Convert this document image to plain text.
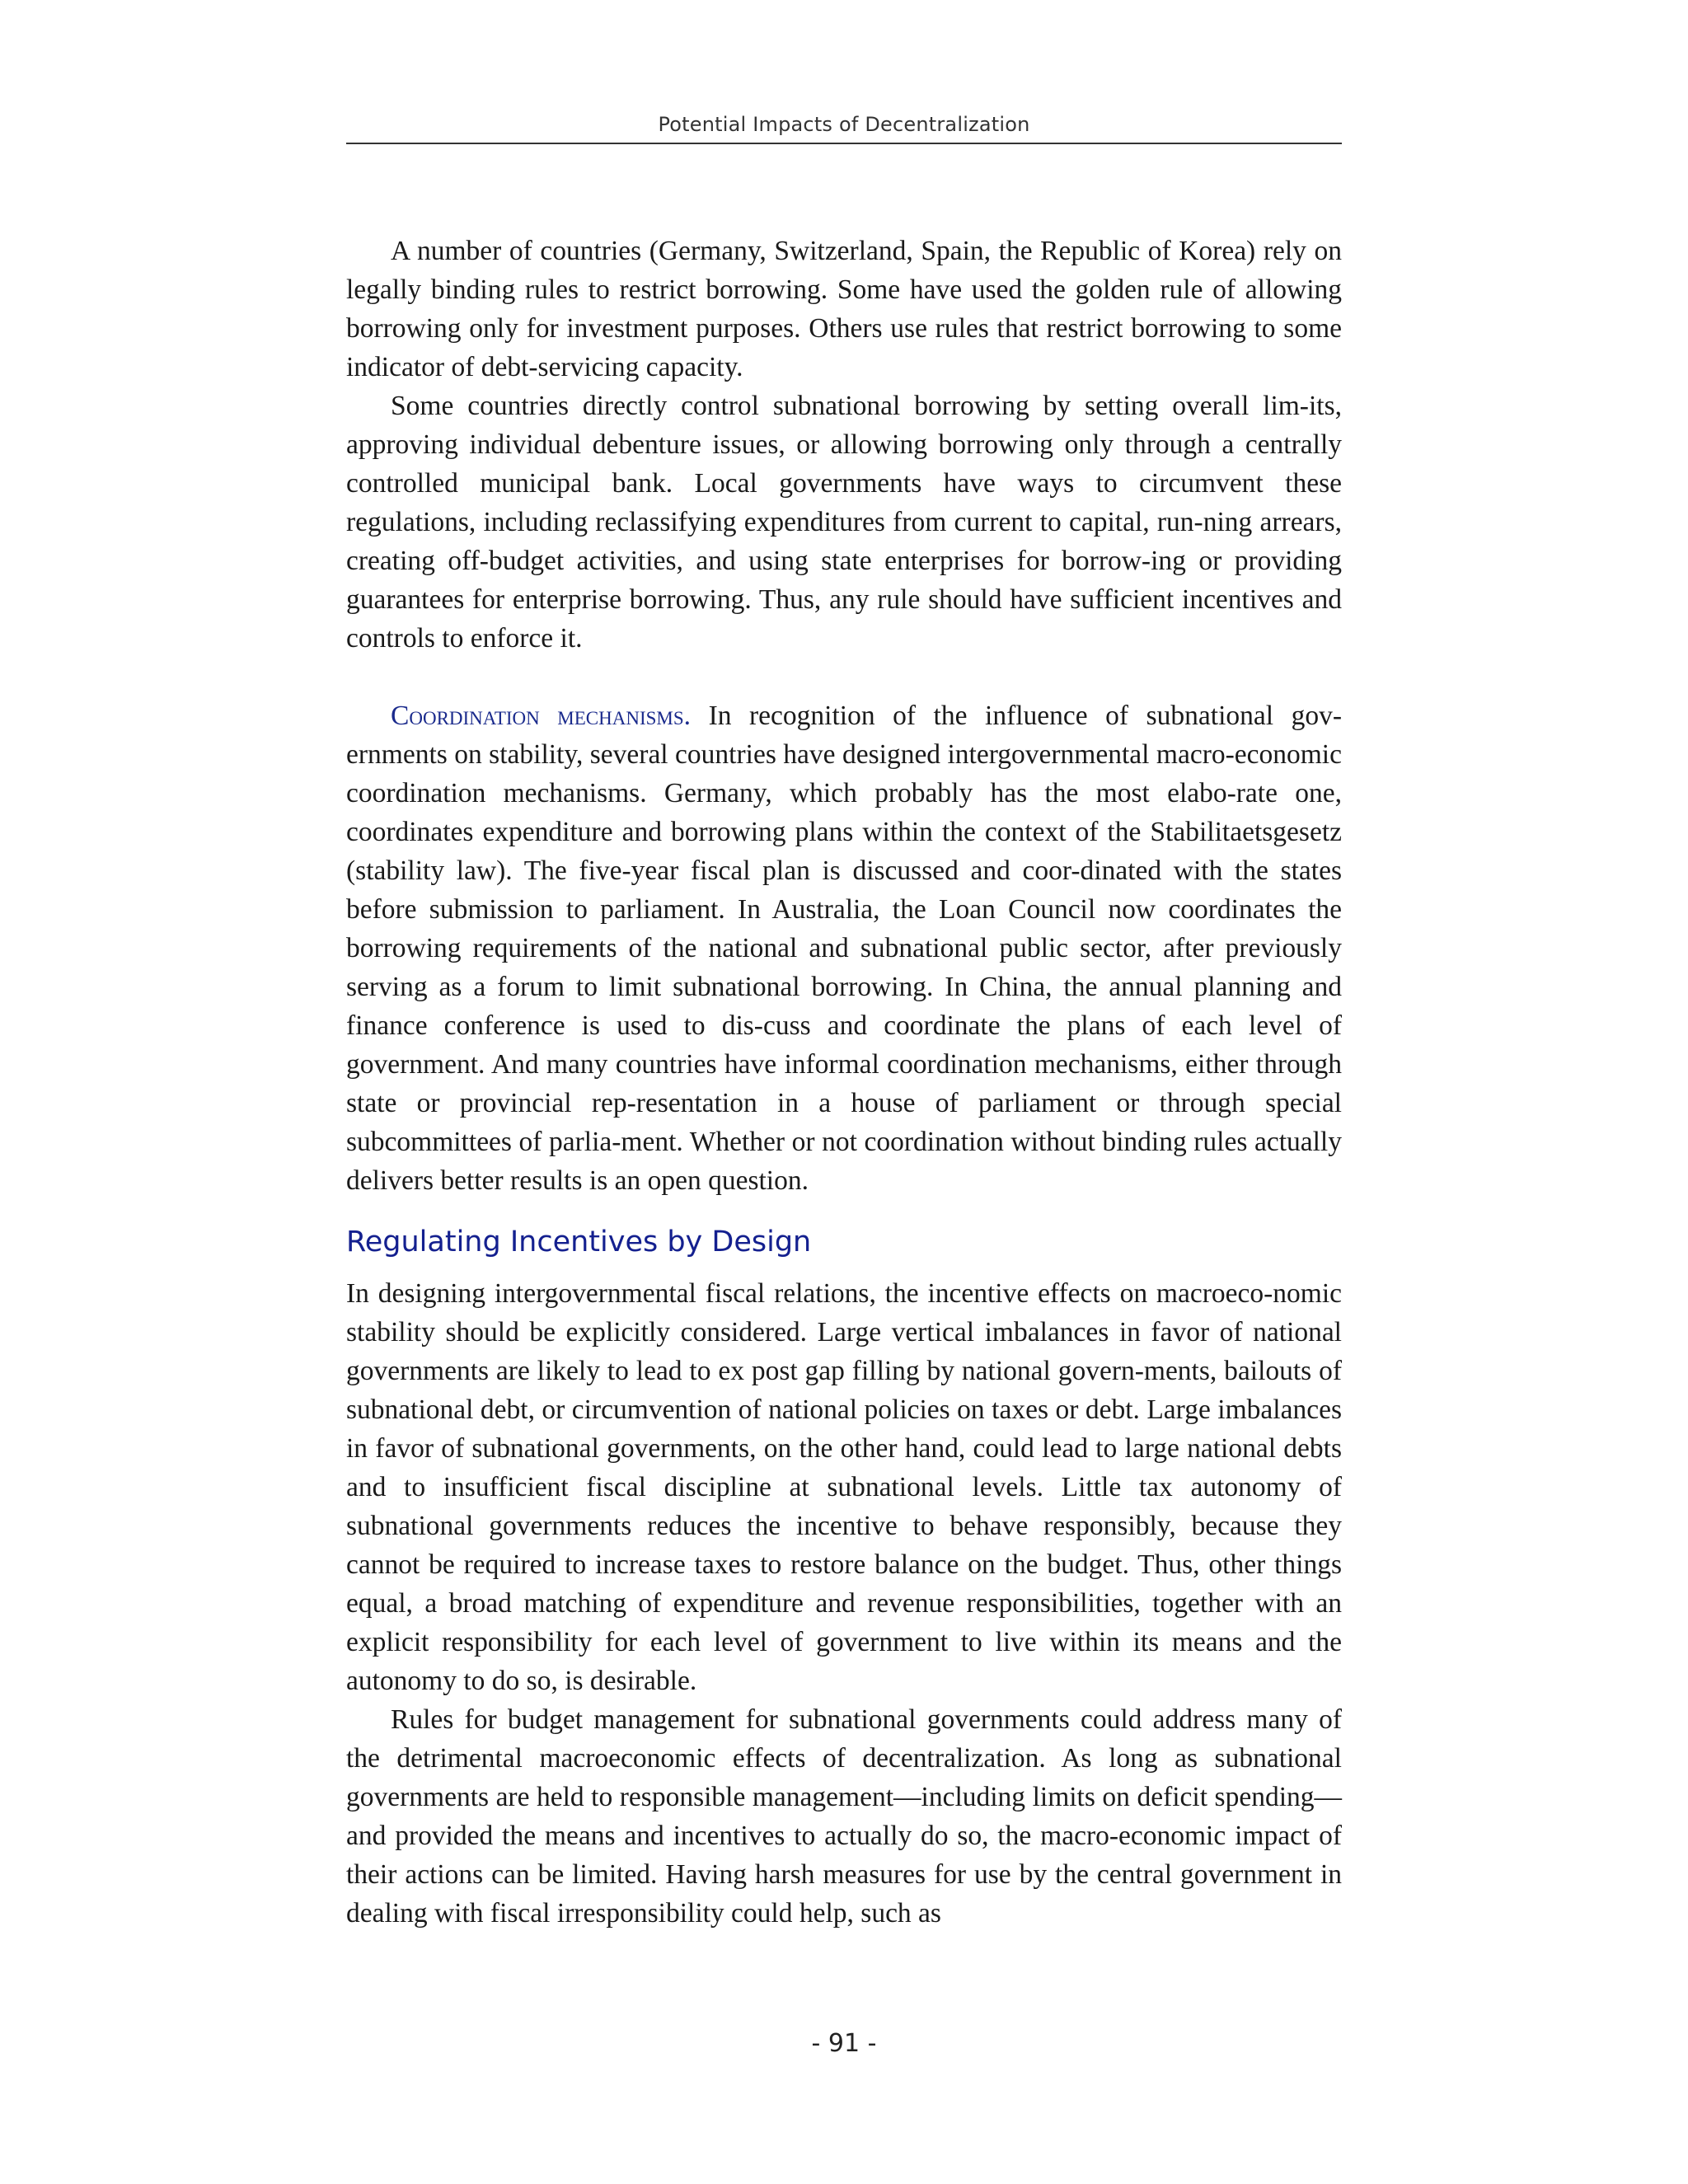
Potential Impacts of Decentralization

A number of countries (Germany, Switzerland, Spain, the Republic of Korea) rely on legally binding rules to restrict borrowing. Some have used the golden rule of allowing borrowing only for investment purposes. Others use rules that restrict borrowing to some indicator of debt-servicing capacity.

Some countries directly control subnational borrowing by setting overall lim-its, approving individual debenture issues, or allowing borrowing only through a centrally controlled municipal bank. Local governments have ways to circumvent these regulations, including reclassifying expenditures from current to capital, run-ning arrears, creating off-budget activities, and using state enterprises for borrow-ing or providing guarantees for enterprise borrowing. Thus, any rule should have sufficient incentives and controls to enforce it.

Coordination mechanisms. In recognition of the influence of subnational gov-ernments on stability, several countries have designed intergovernmental macro-economic coordination mechanisms. Germany, which probably has the most elabo-rate one, coordinates expenditure and borrowing plans within the context of the Stabilitaetsgesetz (stability law). The five-year fiscal plan is discussed and coor-dinated with the states before submission to parliament. In Australia, the Loan Council now coordinates the borrowing requirements of the national and subnational public sector, after previously serving as a forum to limit subnational borrowing. In China, the annual planning and finance conference is used to dis-cuss and coordinate the plans of each level of government. And many countries have informal coordination mechanisms, either through state or provincial rep-resentation in a house of parliament or through special subcommittees of parlia-ment. Whether or not coordination without binding rules actually delivers better results is an open question.

Regulating Incentives by Design

In designing intergovernmental fiscal relations, the incentive effects on macroeco-nomic stability should be explicitly considered. Large vertical imbalances in favor of national governments are likely to lead to ex post gap filling by national govern-ments, bailouts of subnational debt, or circumvention of national policies on taxes or debt. Large imbalances in favor of subnational governments, on the other hand, could lead to large national debts and to insufficient fiscal discipline at subnational levels. Little tax autonomy of subnational governments reduces the incentive to behave responsibly, because they cannot be required to increase taxes to restore balance on the budget. Thus, other things equal, a broad matching of expenditure and revenue responsibilities, together with an explicit responsibility for each level of government to live within its means and the autonomy to do so, is desirable.

Rules for budget management for subnational governments could address many of the detrimental macroeconomic effects of decentralization. As long as subnational governments are held to responsible management—including limits on deficit spending—and provided the means and incentives to actually do so, the macro-economic impact of their actions can be limited. Having harsh measures for use by the central government in dealing with fiscal irresponsibility could help, such as

- 91 -
